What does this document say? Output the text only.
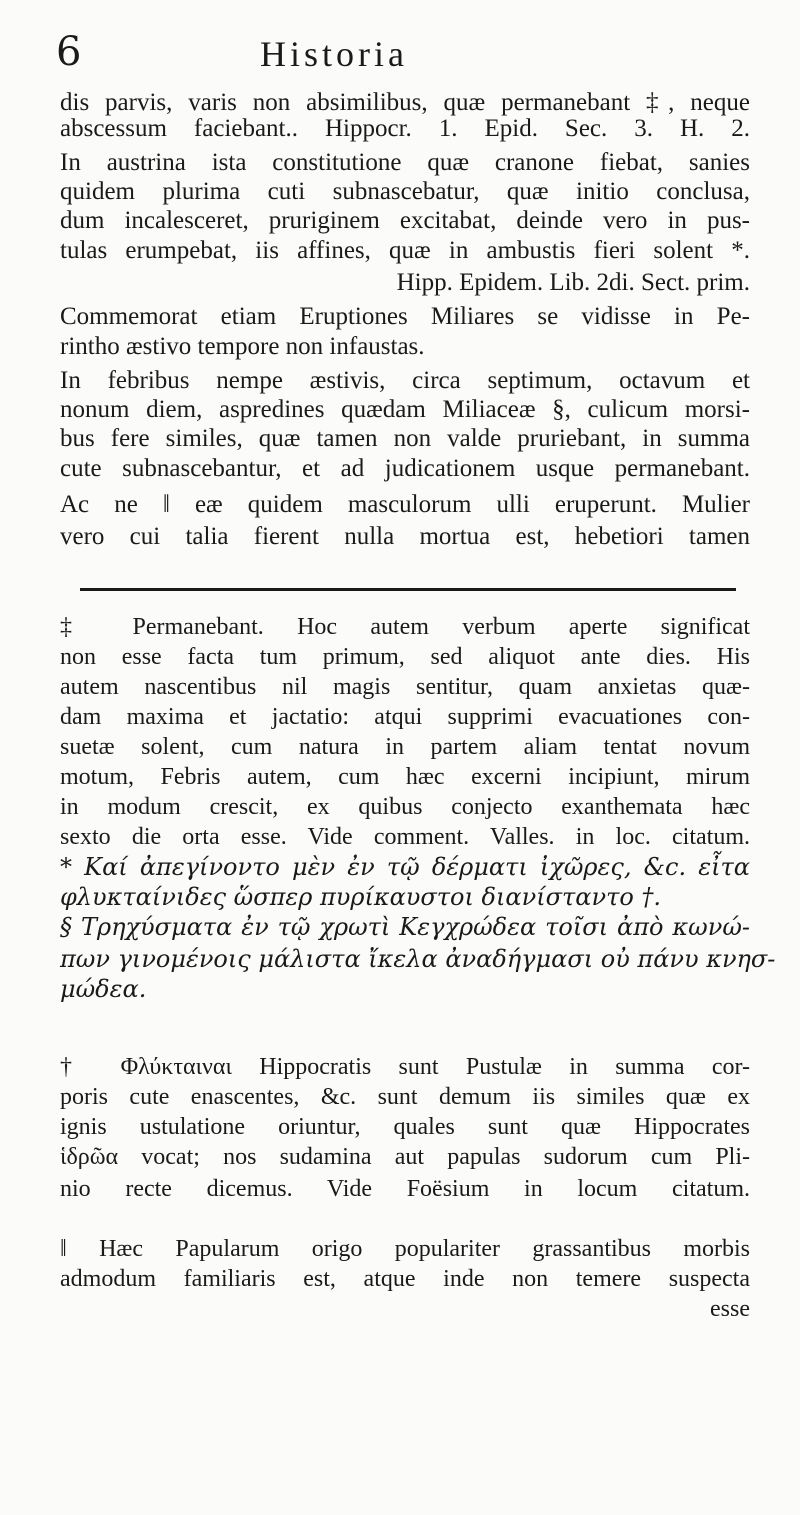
6	Historia
dis parvis, varis non absimilibus, quæ permanebant ‡, neque
abscessum faciebant.. Hippocr. 1. Epid. Sec. 3. H. 2.
In austrina ista constitutione quæ cranone fiebat, sanies
quidem plurima cuti subnascebatur, quæ initio conclusa,
dum incalesceret, pruriginem excitabat, deinde vero in pus-
tulas erumpebat, iis affines, quæ in ambustis fieri solent *.
Hipp. Epidem. Lib. 2di. Sect. prim.
Commemorat etiam Eruptiones Miliares se vidisse in Pe-
rintho æstivo tempore non infaustas.
In febribus nempe æstivis, circa septimum, octavum et
nonum diem, aspredines quædam Miliaceæ §, culicum morsi-
bus fere similes, quæ tamen non valde pruriebant, in summa
cute subnascebantur, et ad judicationem usque permanebant.
Ac ne ‖ eæ quidem masculorum ulli eruperunt. Mulier
vero cui talia fierent nulla mortua est, hebetiori tamen
‡ Permanebant. Hoc autem verbum aperte significat
non esse facta tum primum, sed aliquot ante dies. His
autem nascentibus nil magis sentitur, quam anxietas quæ-
dam maxima et jactatio: atqui supprimi evacuationes con-
suetæ solent, cum natura in partem aliam tentat novum
motum, Febris autem, cum hæc excerni incipiunt, mirum
in modum crescit, ex quibus conjecto exanthemata hæc
sexto die orta esse. Vide comment. Valles. in loc. citatum.
* Καί ἀπεγίνοντο μὲν ἐν τῷ δέρματι ἰχῶρες, &c. εἶτα
φλυκταίνιδες ὥσπερ πυρίκαυστοι διανίσταντο †.
§ Τρηχύσματα ἐν τῷ χρωτὶ Κεγχρώδεα τοῖσι ἀπὸ κωνώ-
πων γινομένοις μάλιστα ἴκελα ἀναδήγμασι οὐ πάνυ κνησ-
μώδεα.
† Φλύκταιναι Hippocratis sunt Pustulæ in summa cor-
poris cute enascentes, &c. sunt demum iis similes quæ ex
ignis ustulatione oriuntur, quales sunt quæ Hippocrates
ἱδρῶα vocat; nos sudamina aut papulas sudorum cum Pli-
nio recte dicemus. Vide Foësium in locum citatum.
‖ Hæc Papularum origo populariter grassantibus morbis
admodum familiaris est, atque inde non temere suspecta
esse
